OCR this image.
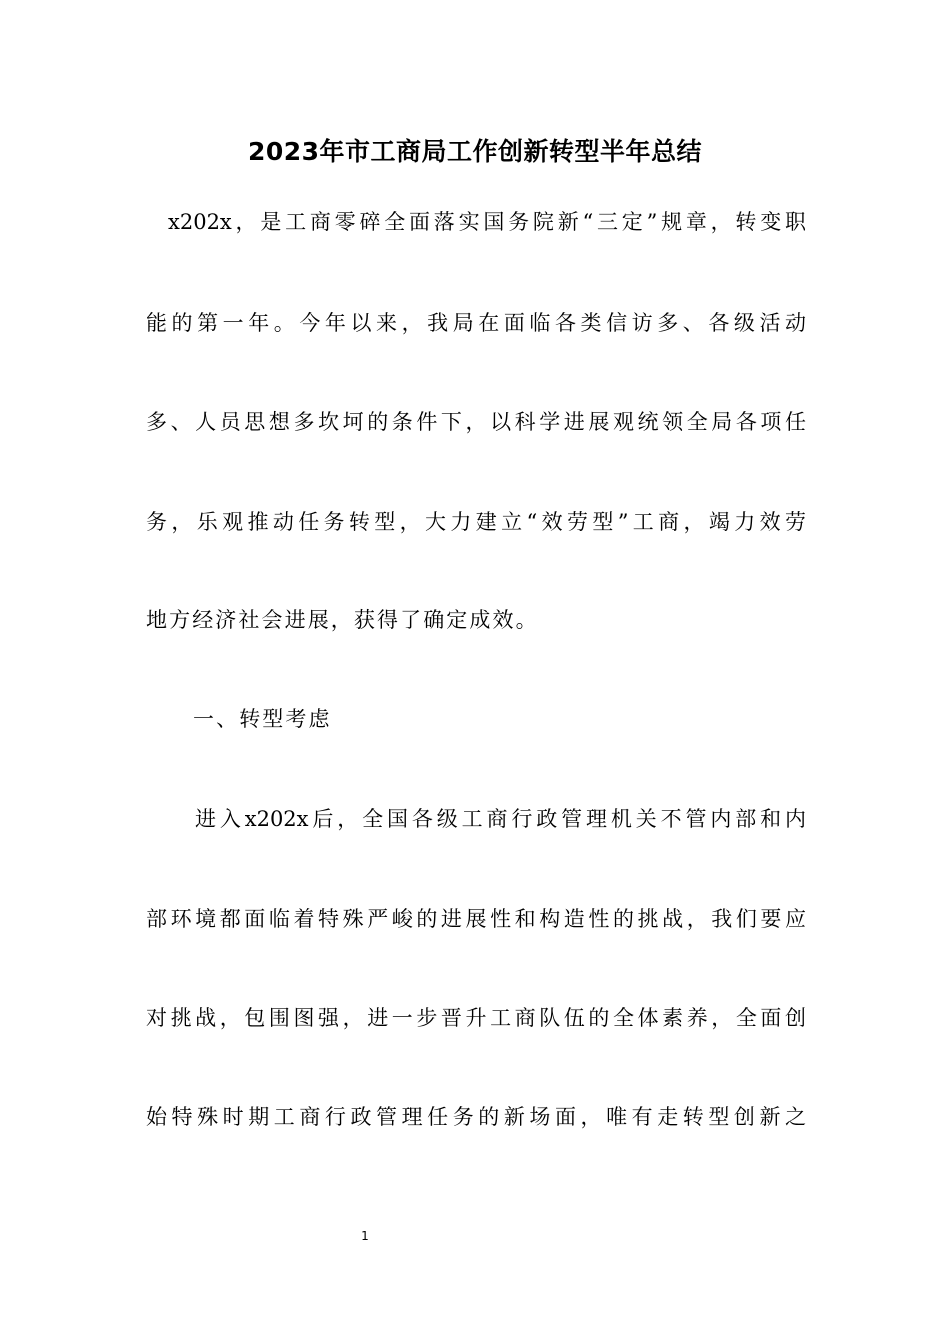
2023年市工商局工作创新转型半年总结
x202x，是工商零碎全面落实国务院新“三定”规章，转变职
能的第一年。今年以来，我局在面临各类信访多、各级活动
多、人员思想多坎坷的条件下，以科学进展观统领全局各项任
务，乐观推动任务转型，大力建立“效劳型”工商，竭力效劳
地方经济社会进展，获得了确定成效。
一、转型考虑
进入x202x后，全国各级工商行政管理机关不管内部和内
部环境都面临着特殊严峻的进展性和构造性的挑战，我们要应
对挑战，包围图强，进一步晋升工商队伍的全体素养，全面创
始特殊时期工商行政管理任务的新场面，唯有走转型创新之
1
